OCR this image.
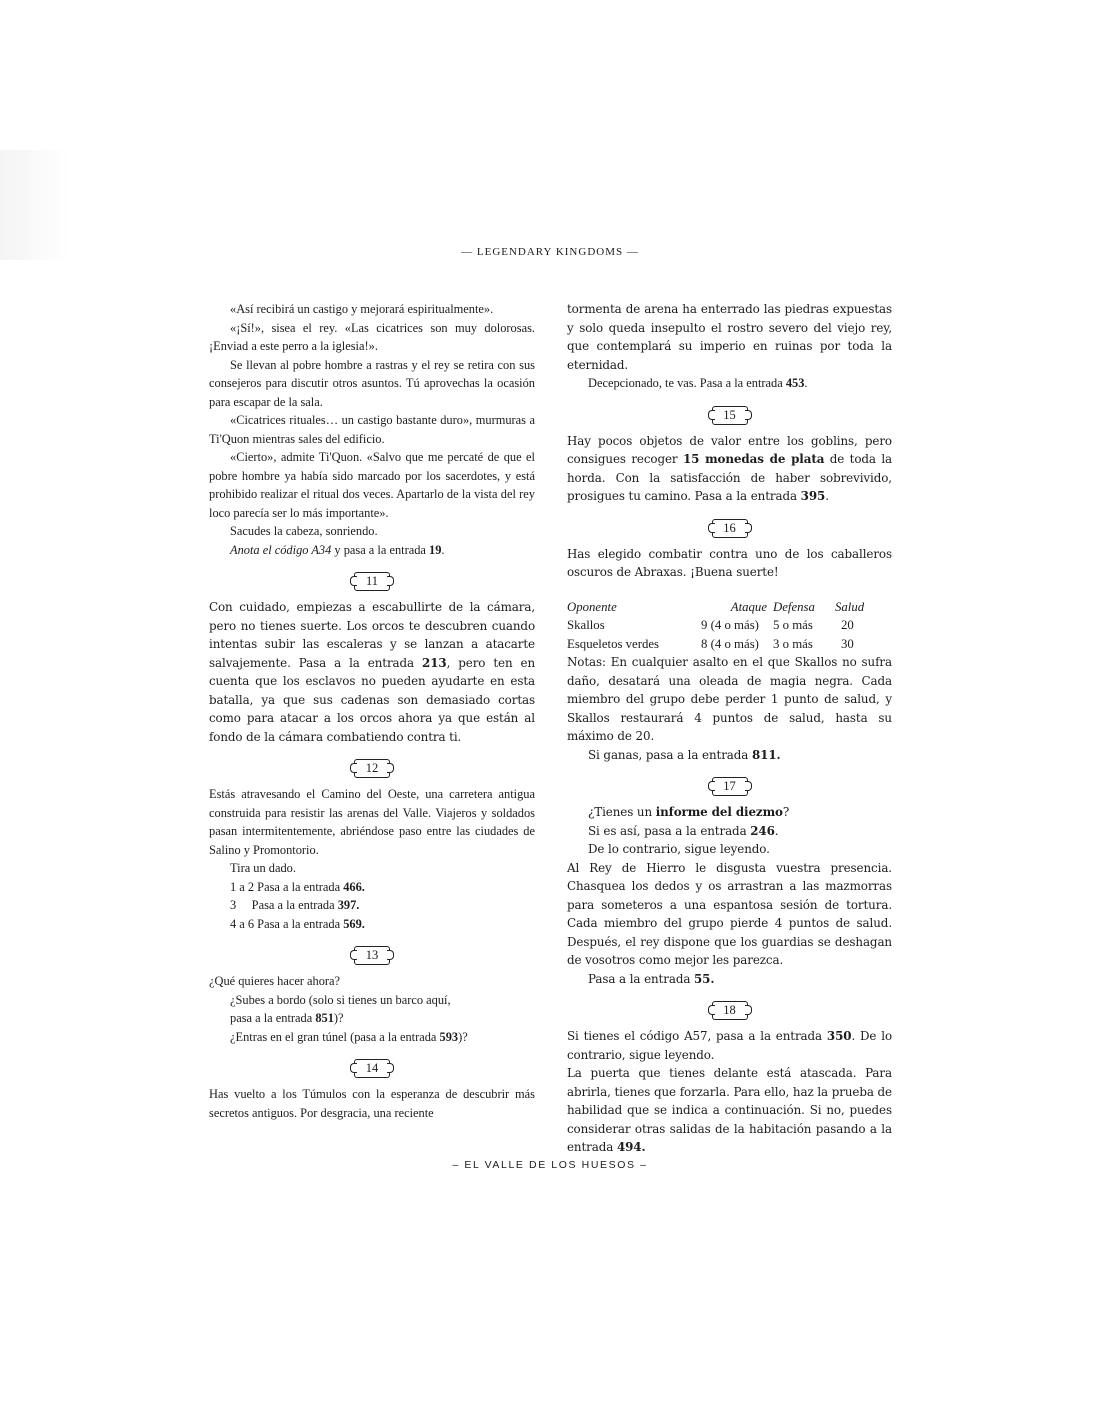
— LEGENDARY KINGDOMS —

«Así recibirá un castigo y mejorará espiritualmente».

«¡Sí!», sisea el rey. «Las cicatrices son muy dolorosas. ¡Enviad a este perro a la iglesia!».

Se llevan al pobre hombre a rastras y el rey se retira con sus consejeros para discutir otros asuntos. Tú aprovechas la ocasión para escapar de la sala.

«Cicatrices rituales… un castigo bastante duro», murmuras a Ti'Quon mientras sales del edificio.

«Cierto», admite Ti'Quon. «Salvo que me percaté de que el pobre hombre ya había sido marcado por los sacerdotes, y está prohibido realizar el ritual dos veces. Apartarlo de la vista del rey loco parecía ser lo más importante».

Sacudes la cabeza, sonriendo.

Anota el código A34 y pasa a la entrada 19.

11

Con cuidado, empiezas a escabullirte de la cámara, pero no tienes suerte. Los orcos te descubren cuando intentas subir las escaleras y se lanzan a atacarte salvajemente. Pasa a la entrada 213, pero ten en cuenta que los esclavos no pueden ayudarte en esta batalla, ya que sus cadenas son demasiado cortas como para atacar a los orcos ahora ya que están al fondo de la cámara combatiendo contra ti.

12

Estás atravesando el Camino del Oeste, una carretera antigua construida para resistir las arenas del Valle. Viajeros y soldados pasan intermitentemente, abriéndose paso entre las ciudades de Salino y Promontorio.

Tira un dado.

1 a 2 Pasa a la entrada 466.

3     Pasa a la entrada 397.

4 a 6 Pasa a la entrada 569.

13

¿Qué quieres hacer ahora?

¿Subes a bordo (solo si tienes un barco aquí,

pasa a la entrada 851)?

¿Entras en el gran túnel (pasa a la entrada 593)?

14

Has vuelto a los Túmulos con la esperanza de descubrir más secretos antiguos. Por desgracia, una reciente

tormenta de arena ha enterrado las piedras expuestas y solo queda insepulto el rostro severo del viejo rey, que contemplará su imperio en ruinas por toda la eternidad.

Decepcionado, te vas. Pasa a la entrada 453.

15

Hay pocos objetos de valor entre los goblins, pero consigues recoger 15 monedas de plata de toda la horda. Con la satisfacción de haber sobrevivido, prosigues tu camino. Pasa a la entrada 395.

16

Has elegido combatir contra uno de los caballeros oscuros de Abraxas. ¡Buena suerte!

Oponente	Ataque	Defensa	Salud
Skallos	9 (4 o más)	5 o más	20
Esqueletos verdes	8 (4 o más)	3 o más	30

Notas: En cualquier asalto en el que Skallos no sufra daño, desatará una oleada de magia negra. Cada miembro del grupo debe perder 1 punto de salud, y Skallos restaurará 4 puntos de salud, hasta su máximo de 20.

Si ganas, pasa a la entrada 811.

17

¿Tienes un informe del diezmo?

Si es así, pasa a la entrada 246.

De lo contrario, sigue leyendo.

Al Rey de Hierro le disgusta vuestra presencia. Chasquea los dedos y os arrastran a las mazmorras para someteros a una espantosa sesión de tortura. Cada miembro del grupo pierde 4 puntos de salud. Después, el rey dispone que los guardias se deshagan de vosotros como mejor les parezca.

Pasa a la entrada 55.

18

Si tienes el código A57, pasa a la entrada 350. De lo contrario, sigue leyendo.

La puerta que tienes delante está atascada. Para abrirla, tienes que forzarla. Para ello, haz la prueba de habilidad que se indica a continuación. Si no, puedes considerar otras salidas de la habitación pasando a la entrada 494.

– EL VALLE DE LOS HUESOS –
